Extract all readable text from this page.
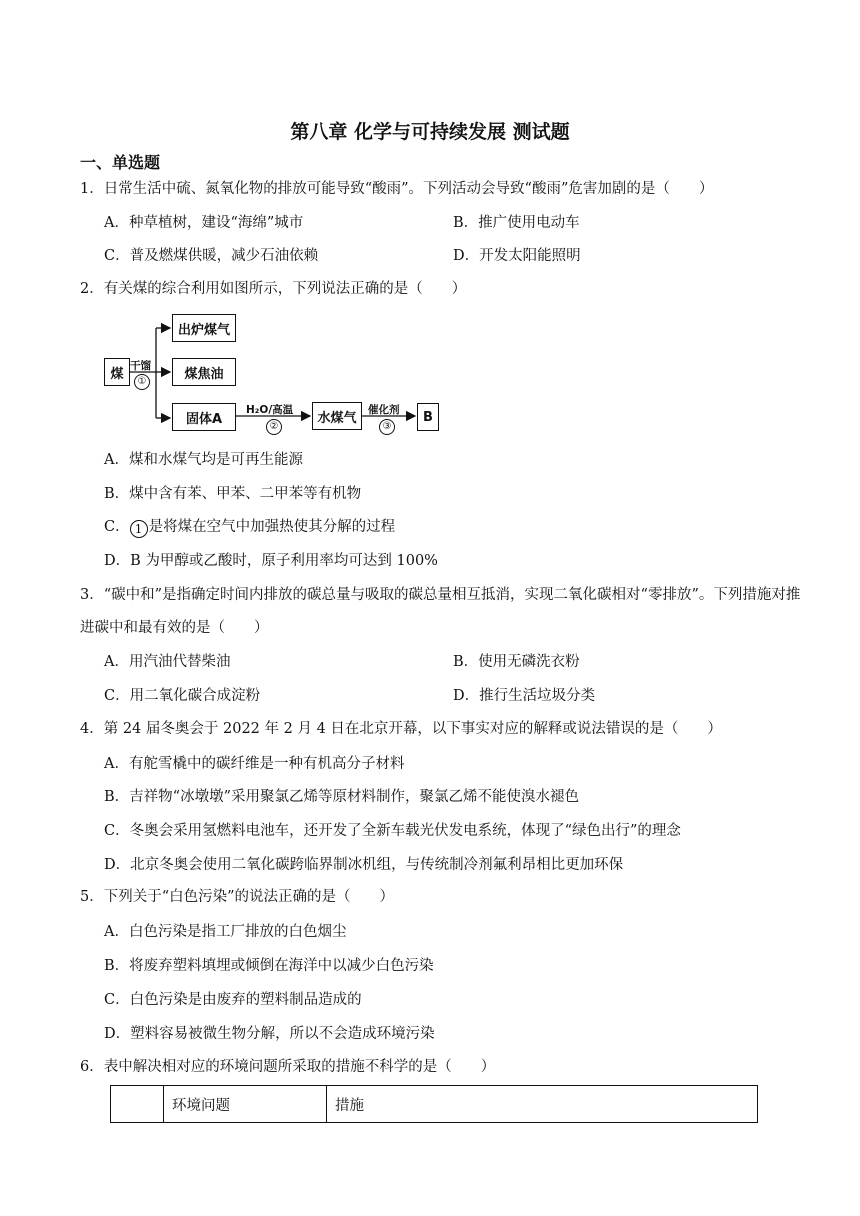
第八章 化学与可持续发展 测试题
一、单选题
1．日常生活中硫、氮氧化物的排放可能导致“酸雨”。下列活动会导致“酸雨”危害加剧的是（　　）
A．种草植树，建设“海绵”城市	B．推广使用电动车
C．普及燃煤供暖，减少石油依赖	D．开发太阳能照明
2．有关煤的综合利用如图所示，下列说法正确的是（　　）
煤
出炉煤气
煤焦油
固体A	水煤气	B
干馏
①
H₂O/高温
②
催化剂
③
A．煤和水煤气均是可再生能源
B．煤中含有苯、甲苯、二甲苯等有机物
C． 1 是将煤在空气中加强热使其分解的过程
D．B 为甲醇或乙酸时，原子利用率均可达到 100%
3．“碳中和”是指确定时间内排放的碳总量与吸取的碳总量相互抵消，实现二氧化碳相对“零排放”。下列措施对推进碳中和最有效的是（　　）
A．用汽油代替柴油	B．使用无磷洗衣粉
C．用二氧化碳合成淀粉	D．推行生活垃圾分类
4．第 24 届冬奥会于 2022 年 2 月 4 日在北京开幕，以下事实对应的解释或说法错误的是（　　）
A．有舵雪橇中的碳纤维是一种有机高分子材料
B．吉祥物“冰墩墩”采用聚氯乙烯等原材料制作，聚氯乙烯不能使溴水褪色
C．冬奥会采用氢燃料电池车，还开发了全新车载光伏发电系统，体现了“绿色出行”的理念
D．北京冬奥会使用二氧化碳跨临界制冰机组，与传统制冷剂氟利昂相比更加环保
5．下列关于“白色污染”的说法正确的是（　　）
A．白色污染是指工厂排放的白色烟尘
B．将废弃塑料填埋或倾倒在海洋中以减少白色污染
C．白色污染是由废弃的塑料制品造成的
D．塑料容易被微生物分解，所以不会造成环境污染
6．表中解决相对应的环境问题所采取的措施不科学的是（　　）
	环境问题	措施
